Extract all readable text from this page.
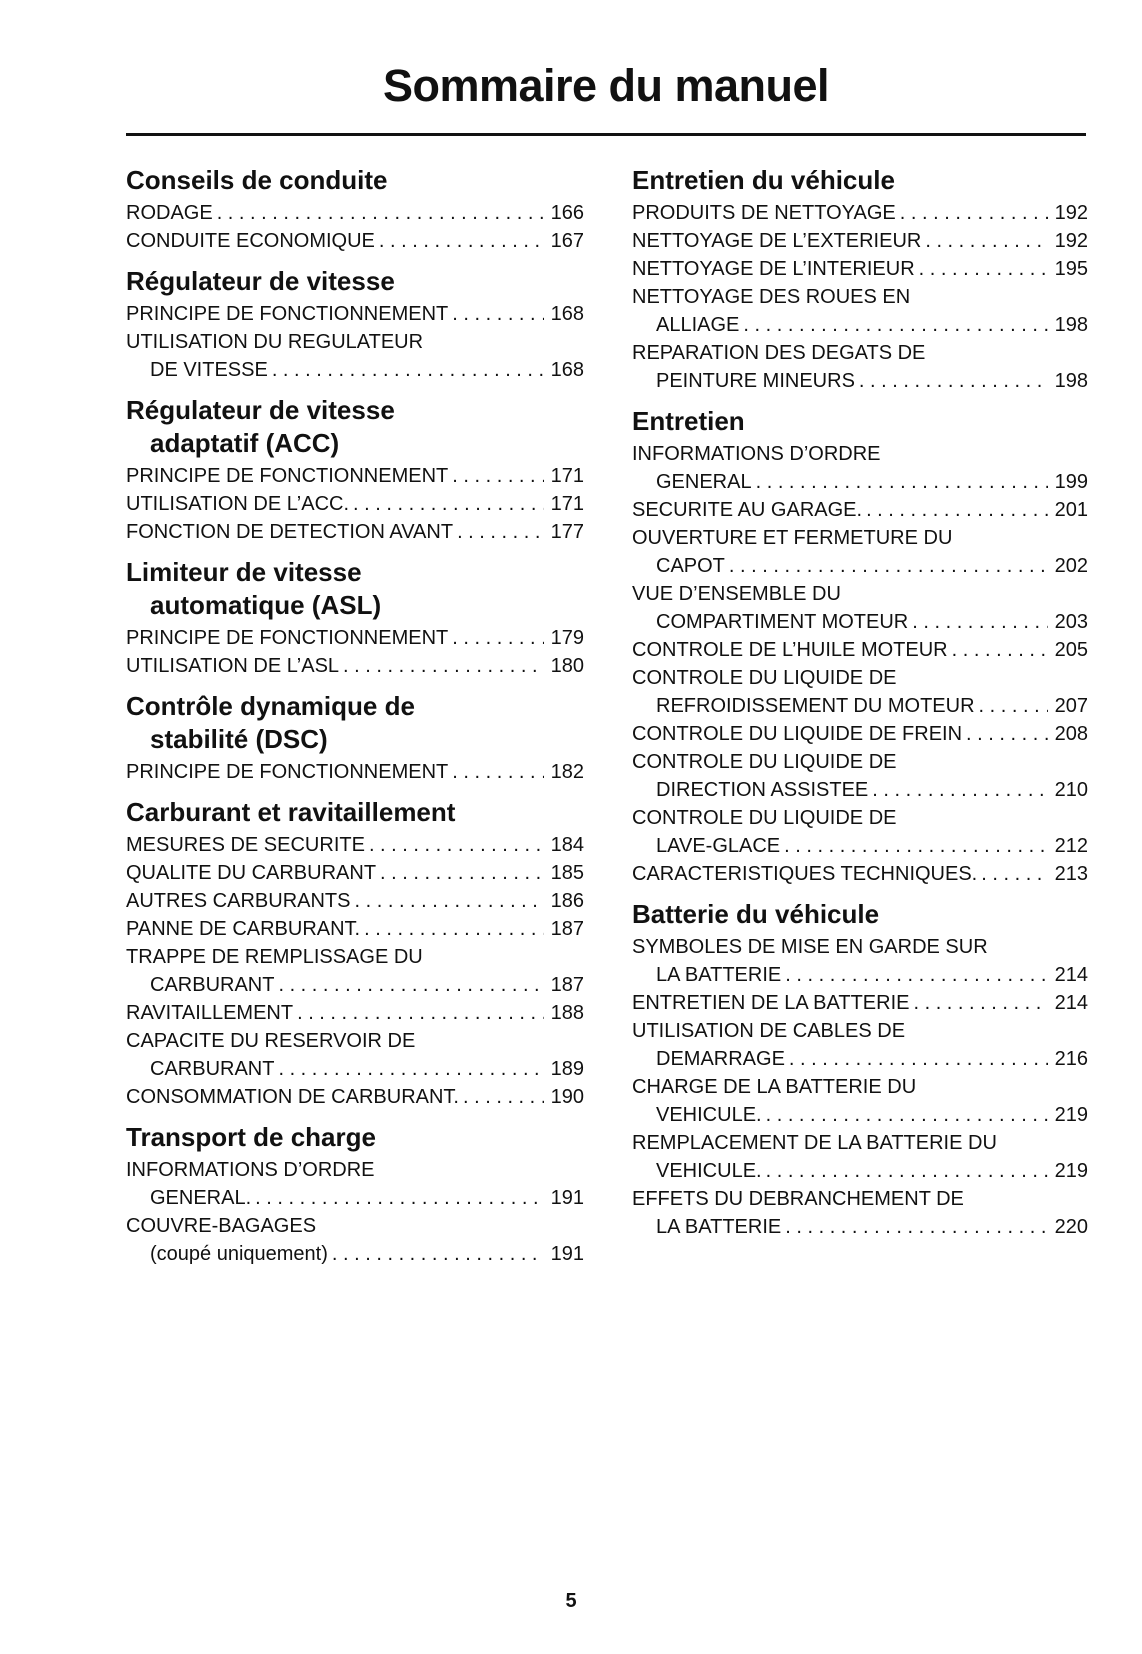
Sommaire du manuel
Conseils de conduite
RODAGE . . .	166
CONDUITE ECONOMIQUE . . .	167
Régulateur de vitesse
PRINCIPE DE FONCTIONNEMENT . . .	168
UTILISATION DU REGULATEUR
DE VITESSE . . .	168
Régulateur de vitesse
adaptatif (ACC)
PRINCIPE DE FONCTIONNEMENT . . .	171
UTILISATION DE L’ACC. . . .	171
FONCTION DE DETECTION AVANT . . .	177
Limiteur de vitesse
automatique (ASL)
PRINCIPE DE FONCTIONNEMENT . . .	179
UTILISATION DE L’ASL . . .	180
Contrôle dynamique de
stabilité (DSC)
PRINCIPE DE FONCTIONNEMENT . . .	182
Carburant et ravitaillement
MESURES DE SECURITE . . .	184
QUALITE DU CARBURANT . . .	185
AUTRES CARBURANTS . . .	186
PANNE DE CARBURANT. . . .	187
TRAPPE DE REMPLISSAGE DU
CARBURANT . . .	187
RAVITAILLEMENT . . .	188
CAPACITE DU RESERVOIR DE
CARBURANT . . .	189
CONSOMMATION DE CARBURANT. . . .	190
Transport de charge
INFORMATIONS D’ORDRE
GENERAL. . . .	191
COUVRE-BAGAGES
(coupé uniquement) . . .	191
Entretien du véhicule
PRODUITS DE NETTOYAGE . . .	192
NETTOYAGE DE L’EXTERIEUR . . .	192
NETTOYAGE DE L’INTERIEUR . . .	195
NETTOYAGE DES ROUES EN
ALLIAGE . . .	198
REPARATION DES DEGATS DE
PEINTURE MINEURS . . .	198
Entretien
INFORMATIONS D’ORDRE
GENERAL . . .	199
SECURITE AU GARAGE. . . .	201
OUVERTURE ET FERMETURE DU
CAPOT . . .	202
VUE D’ENSEMBLE DU
COMPARTIMENT MOTEUR . . .	203
CONTROLE DE L’HUILE MOTEUR . . .	205
CONTROLE DU LIQUIDE DE
REFROIDISSEMENT DU MOTEUR . . .	207
CONTROLE DU LIQUIDE DE FREIN . . .	208
CONTROLE DU LIQUIDE DE
DIRECTION ASSISTEE . . .	210
CONTROLE DU LIQUIDE DE
LAVE-GLACE . . .	212
CARACTERISTIQUES TECHNIQUES. . . .	213
Batterie du véhicule
SYMBOLES DE MISE EN GARDE SUR
LA BATTERIE . . .	214
ENTRETIEN DE LA BATTERIE . . .	214
UTILISATION DE CABLES DE
DEMARRAGE . . .	216
CHARGE DE LA BATTERIE DU
VEHICULE. . . .	219
REMPLACEMENT DE LA BATTERIE DU
VEHICULE. . . .	219
EFFETS DU DEBRANCHEMENT DE
LA BATTERIE . . .	220
5
